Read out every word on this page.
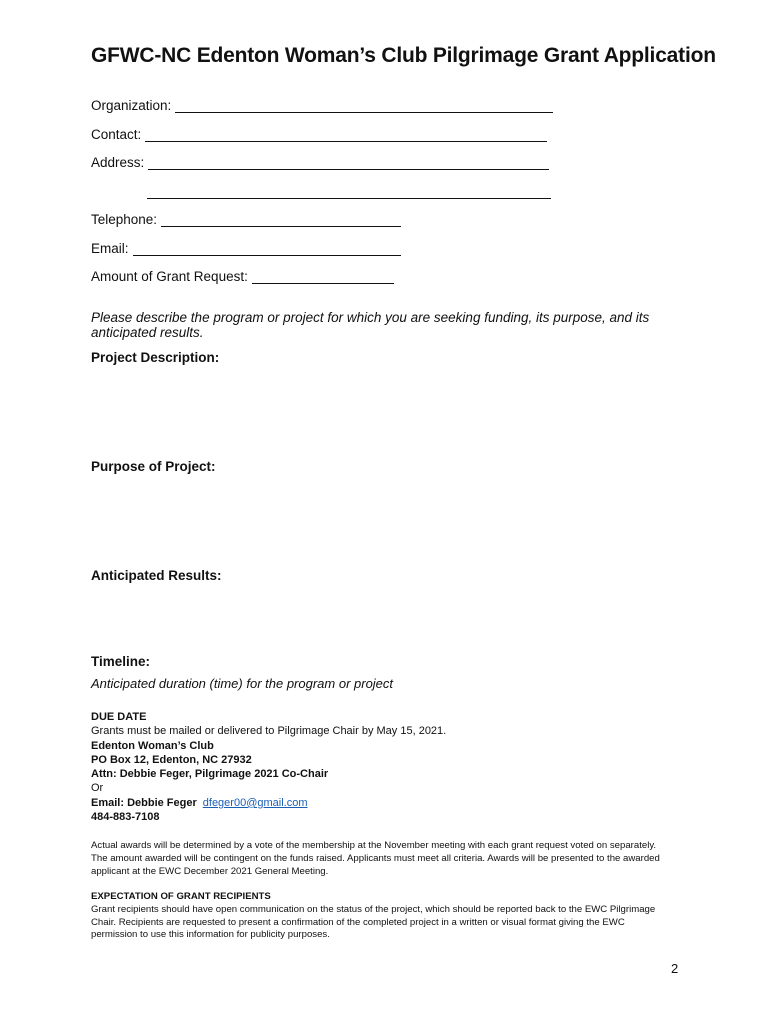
GFWC-NC Edenton Woman’s Club Pilgrimage Grant Application
Organization:
Contact:
Address:
Telephone:
Email:
Amount of Grant Request:
Please describe the program or project for which you are seeking funding, its purpose, and its anticipated results.
Project Description:
Purpose of Project:
Anticipated Results:
Timeline:
Anticipated duration (time) for the program or project
DUE DATE
Grants must be mailed or delivered to Pilgrimage Chair by May 15, 2021.
Edenton Woman’s Club
PO Box 12, Edenton, NC 27932
Attn: Debbie Feger, Pilgrimage 2021 Co-Chair
Or
Email: Debbie Feger dfeger00@gmail.com
484-883-7108
Actual awards will be determined by a vote of the membership at the November meeting with each grant request voted on separately. The amount awarded will be contingent on the funds raised. Applicants must meet all criteria. Awards will be presented to the awarded applicant at the EWC December 2021 General Meeting.
EXPECTATION OF GRANT RECIPIENTS
Grant recipients should have open communication on the status of the project, which should be reported back to the EWC Pilgrimage Chair. Recipients are requested to present a confirmation of the completed project in a written or visual format giving the EWC permission to use this information for publicity purposes.
2
